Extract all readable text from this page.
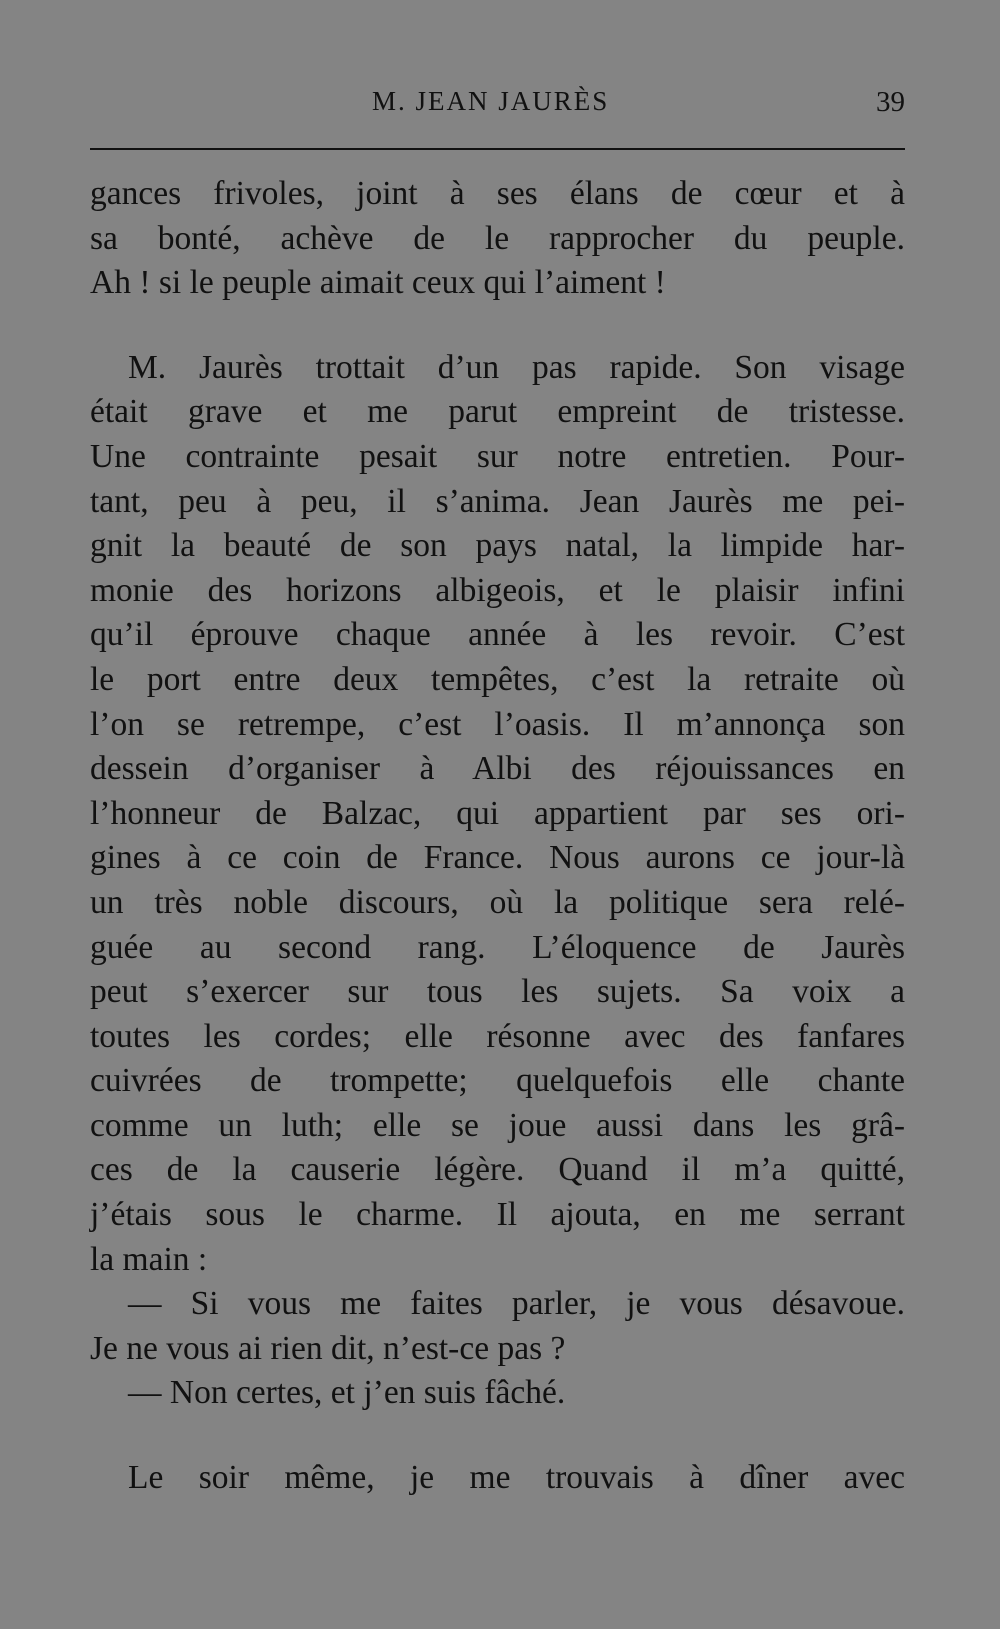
M. JEAN JAURÈS	39
gances frivoles, joint à ses élans de cœur et à
sa bonté, achève de le rapprocher du peuple.
Ah ! si le peuple aimait ceux qui l’aiment !
M. Jaurès trottait d’un pas rapide. Son visage
était grave et me parut empreint de tristesse.
Une contrainte pesait sur notre entretien. Pour-
tant, peu à peu, il s’anima. Jean Jaurès me pei-
gnit la beauté de son pays natal, la limpide har-
monie des horizons albigeois, et le plaisir infini
qu’il éprouve chaque année à les revoir. C’est
le port entre deux tempêtes, c’est la retraite où
l’on se retrempe, c’est l’oasis. Il m’annonça son
dessein d’organiser à Albi des réjouissances en
l’honneur de Balzac, qui appartient par ses ori-
gines à ce coin de France. Nous aurons ce jour-là
un très noble discours, où la politique sera relé-
guée au second rang. L’éloquence de Jaurès
peut s’exercer sur tous les sujets. Sa voix a
toutes les cordes; elle résonne avec des fanfares
cuivrées de trompette; quelquefois elle chante
comme un luth; elle se joue aussi dans les grâ-
ces de la causerie légère. Quand il m’a quitté,
j’étais sous le charme. Il ajouta, en me serrant
la main :
— Si vous me faites parler, je vous désavoue.
Je ne vous ai rien dit, n’est-ce pas ?
— Non certes, et j’en suis fâché.
Le soir même, je me trouvais à dîner avec
